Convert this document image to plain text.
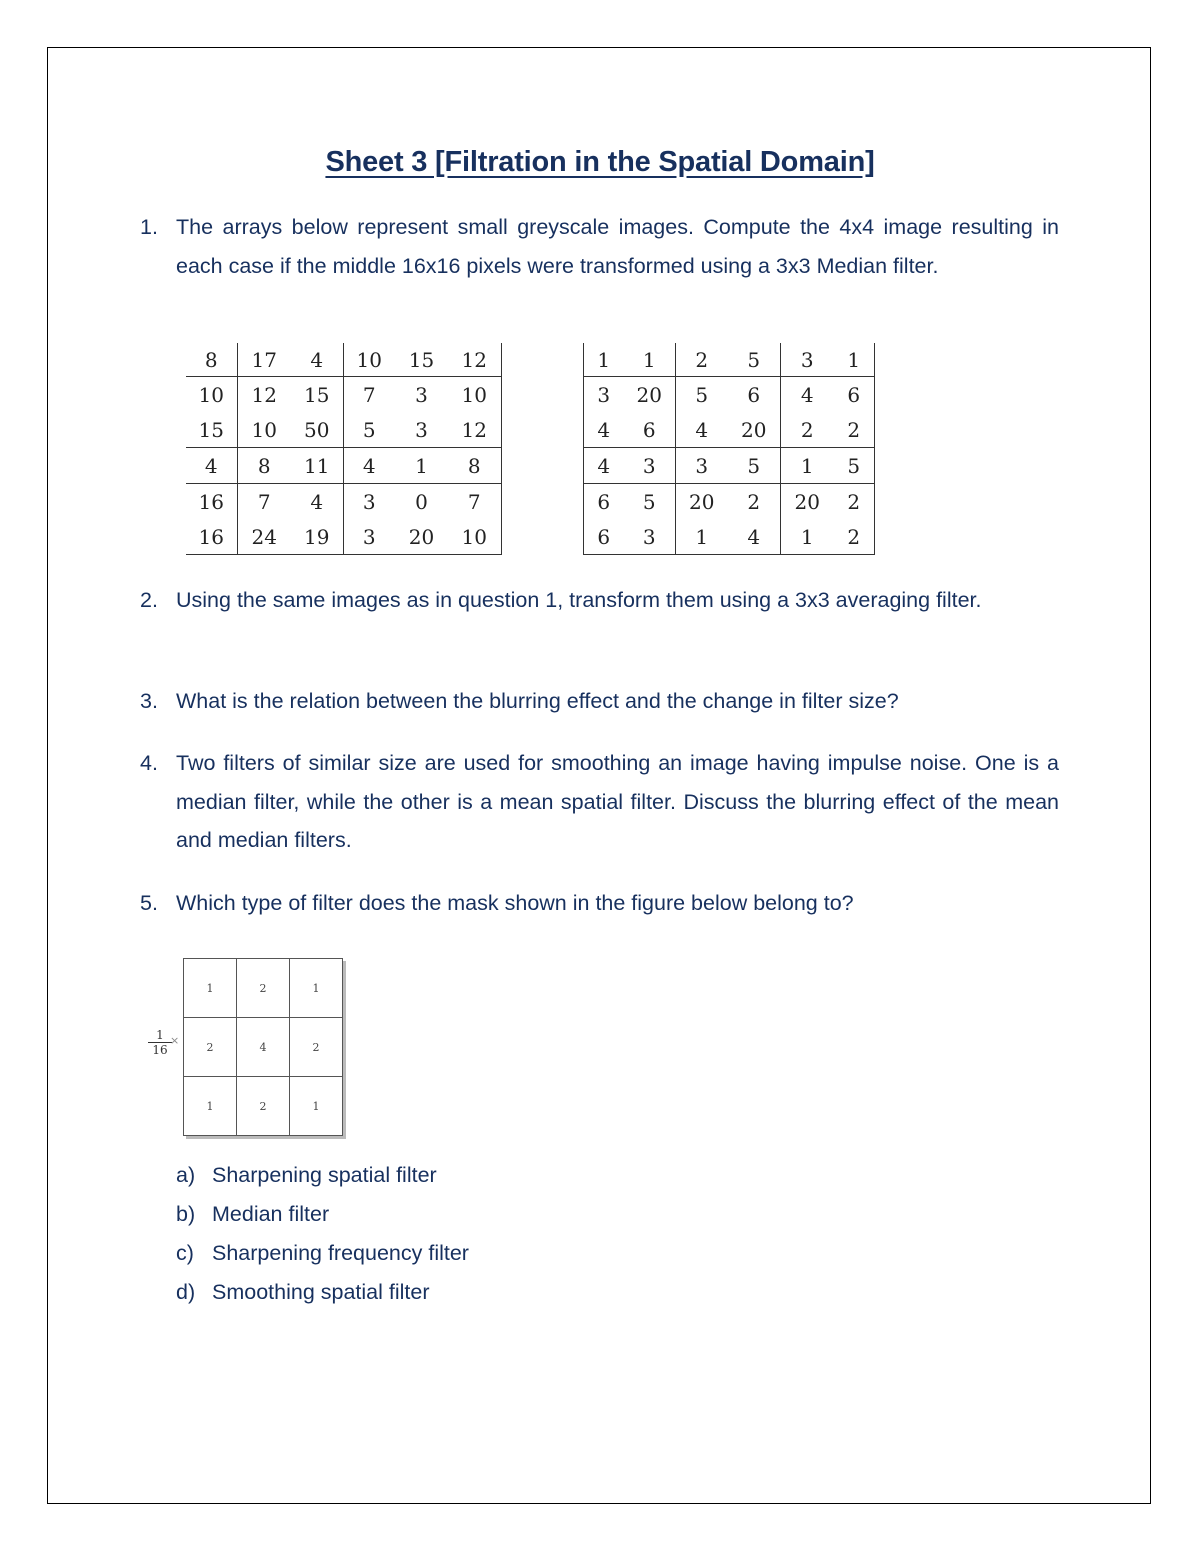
Sheet 3 [Filtration in the Spatial Domain]
1. The arrays below represent small greyscale images. Compute the 4x4 image resulting in each case if the middle 16x16 pixels were transformed using a 3x3 Median filter.
8	17	4	10	15	12
10	12	15	7	3	10
15	10	50	5	3	12
4	8	11	4	1	8
16	7	4	3	0	7
16	24	19	3	20	10
1	1	2	5	3	1
3	20	5	6	4	6
4	6	4	20	2	2
4	3	3	5	1	5
6	5	20	2	20	2
6	3	1	4	1	2
2. Using the same images as in question 1, transform them using a 3x3 averaging filter.
3. What is the relation between the blurring effect and the change in filter size?
4. Two filters of similar size are used for smoothing an image having impulse noise. One is a median filter, while the other is a mean spatial filter. Discuss the blurring effect of the mean and median filters.
5. Which type of filter does the mask shown in the figure below belong to?
$\frac{1}{16}$
×
1	2	1
2	4	2
1	2	1
a) Sharpening spatial filter
b) Median filter
c) Sharpening frequency filter
d) Smoothing spatial filter
